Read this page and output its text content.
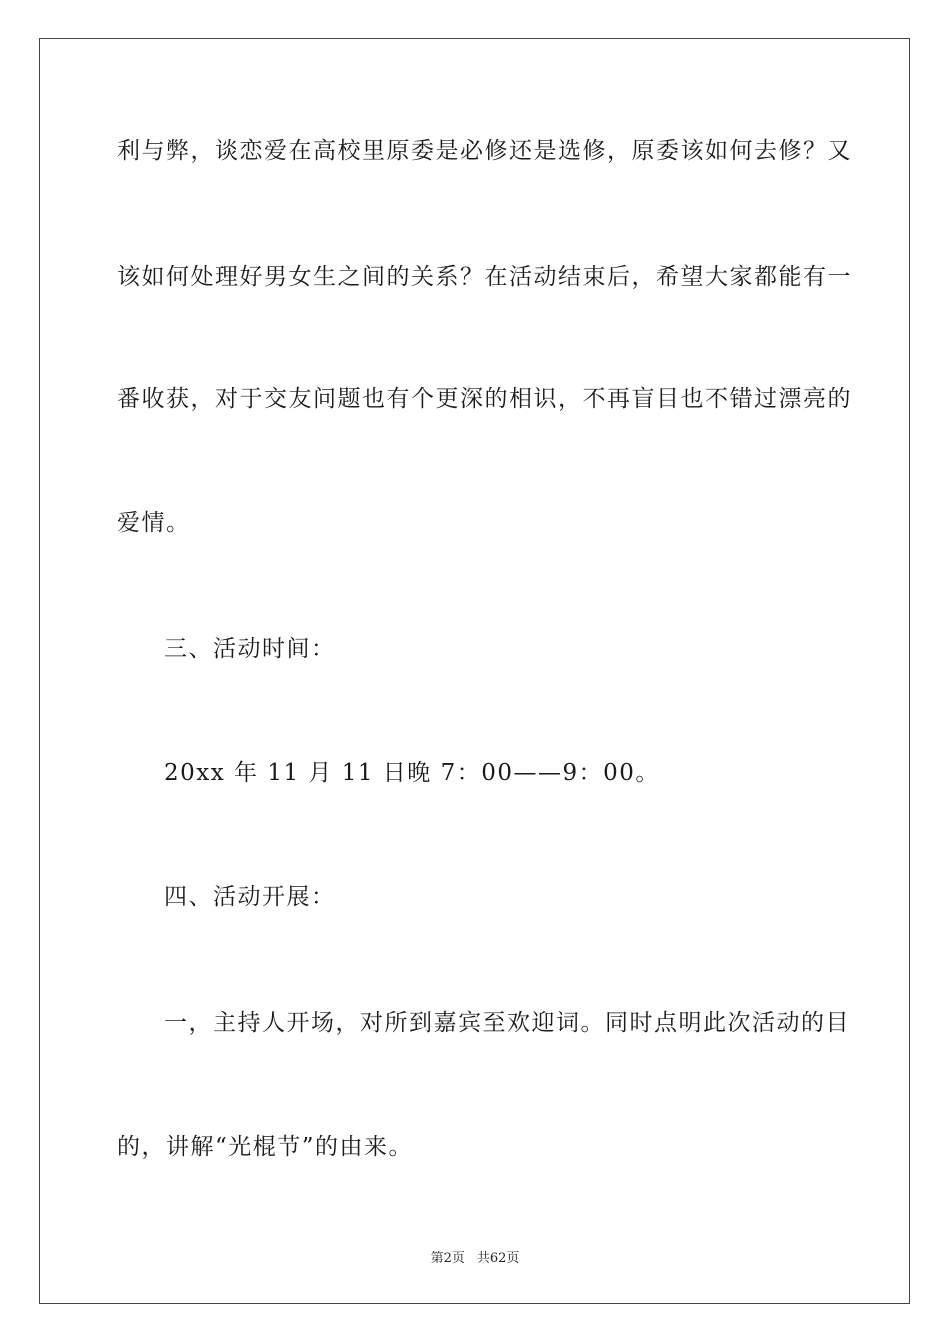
利与弊，谈恋爱在高校里原委是必修还是选修，原委该如何去修？又
该如何处理好男女生之间的关系？在活动结束后，希望大家都能有一
番收获，对于交友问题也有个更深的相识，不再盲目也不错过漂亮的
爱情。
三、活动时间：
20xx 年 11 月 11 日晚 7：00——9：00。
四、活动开展：
一，主持人开场，对所到嘉宾至欢迎词。同时点明此次活动的目
的，讲解“光棍节”的由来。
第2页 共62页
